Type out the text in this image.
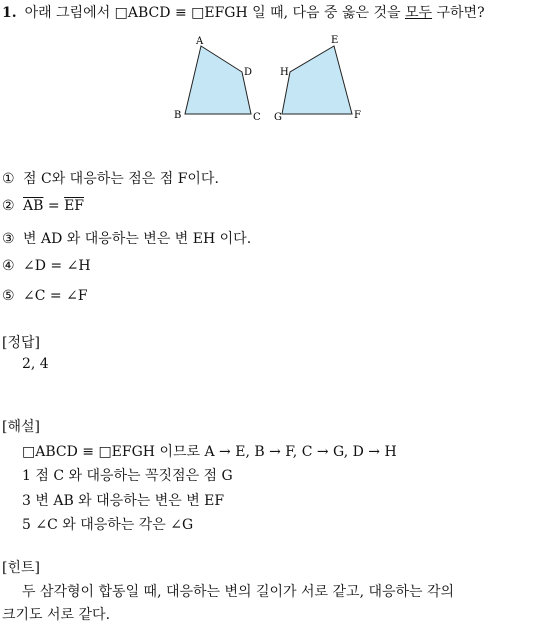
1. 아래 그림에서 □ABCD ≡ □EFGH 일 때, 다음 중 옳은 것을 모두 구하면?
A
D
B	C
E
H
G	F
① 점 C와 대응하는 점은 점 F이다.
② $\overline{AB} = \overline{EF}$
③ 변 AD 와 대응하는 변은 변 EH 이다.
④ ∠D = ∠H
⑤ ∠C = ∠F
[정답]
2, 4
[해설]
□ABCD ≡ □EFGH 이므로 A → E, B → F, C → G, D → H
1 점 C 와 대응하는 꼭짓점은 점 G
3 변 AB 와 대응하는 변은 변 EF
5 ∠C 와 대응하는 각은 ∠G
[힌트]
두 삼각형이 합동일 때, 대응하는 변의 길이가 서로 같고, 대응하는 각의
크기도 서로 같다.
